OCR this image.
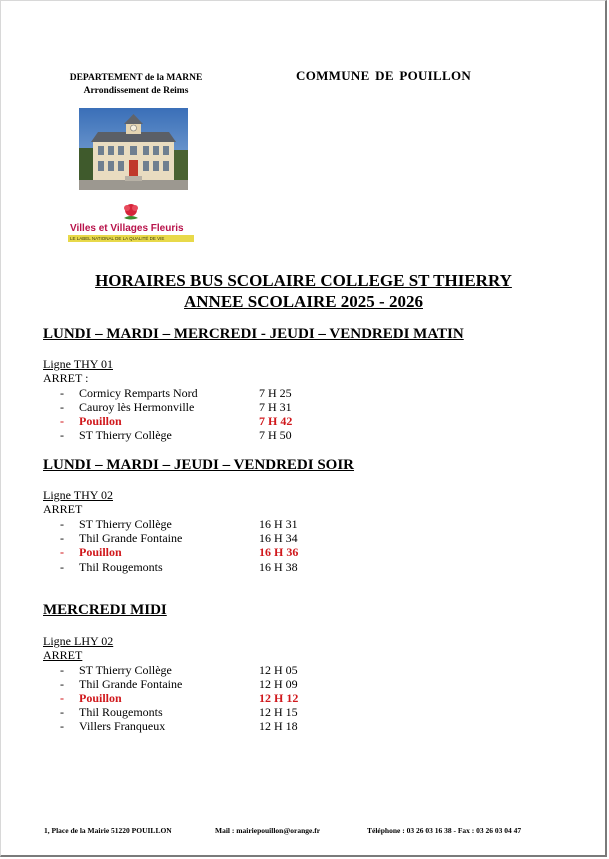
DEPARTEMENT de la MARNE
Arrondissement de Reims
COMMUNE DE POUILLON
Villes et Villages Fleuris
LE LABEL NATIONAL DE LA QUALITÉ DE VIE
HORAIRES BUS SCOLAIRE COLLEGE ST THIERRY
ANNEE SCOLAIRE 2025 - 2026
LUNDI – MARDI – MERCREDI - JEUDI – VENDREDI MATIN
Ligne THY 01
ARRET :
- Cormicy Remparts Nord	7 H 25
- Cauroy lès Hermonville	7 H 31
- Pouillon	7 H 42
- ST Thierry Collège	7 H 50
LUNDI – MARDI – JEUDI – VENDREDI SOIR
Ligne THY 02
ARRET
- ST Thierry Collège	16 H 31
- Thil Grande Fontaine	16 H 34
- Pouillon	16 H 36
- Thil Rougemonts	16 H 38
MERCREDI MIDI
Ligne LHY 02
ARRET
- ST Thierry Collège	12 H 05
- Thil Grande Fontaine	12 H 09
- Pouillon	12 H 12
- Thil Rougemonts	12 H 15
- Villers Franqueux	12 H 18
1, Place de la Mairie 51220 POUILLON	Mail : mairiepouillon@orange.fr	Téléphone : 03 26 03 16 38 - Fax : 03 26 03 04 47
